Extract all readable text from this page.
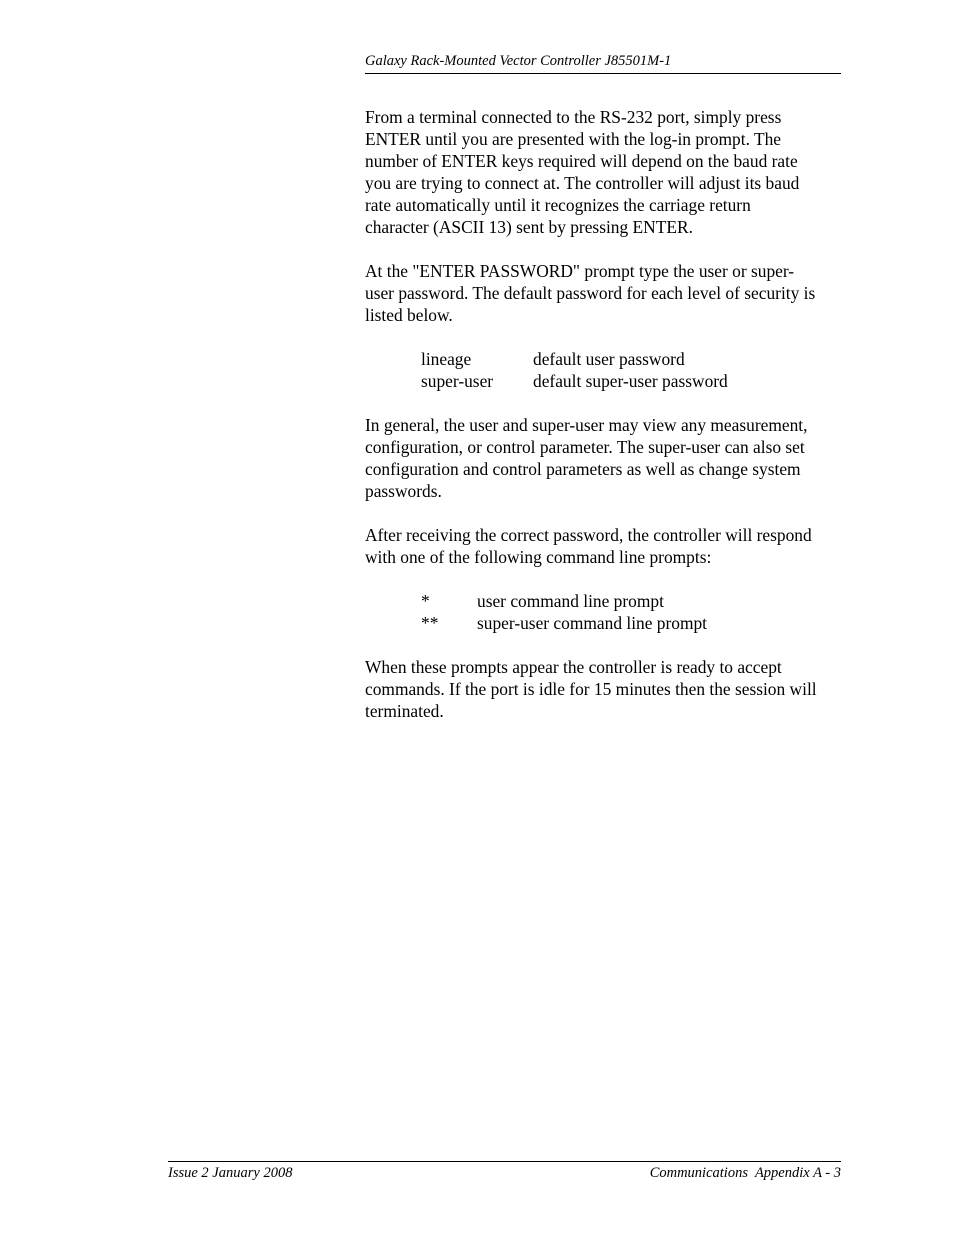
Galaxy Rack-Mounted Vector Controller J85501M-1

From a terminal connected to the RS-232 port, simply press
ENTER until you are presented with the log-in prompt. The
number of ENTER keys required will depend on the baud rate
you are trying to connect at. The controller will adjust its baud
rate automatically until it recognizes the carriage return
character (ASCII 13) sent by pressing ENTER.

At the "ENTER PASSWORD" prompt type the user or super-
user password. The default password for each level of security is
listed below.

lineage	default user password
super-user	default super-user password

In general, the user and super-user may view any measurement,
configuration, or control parameter. The super-user can also set
configuration and control parameters as well as change system
passwords.

After receiving the correct password, the controller will respond
with one of the following command line prompts:

*	user command line prompt
**	super-user command line prompt

When these prompts appear the controller is ready to accept
commands. If the port is idle for 15 minutes then the session will
terminated.

Issue 2 January 2008	Communications  Appendix A - 3
